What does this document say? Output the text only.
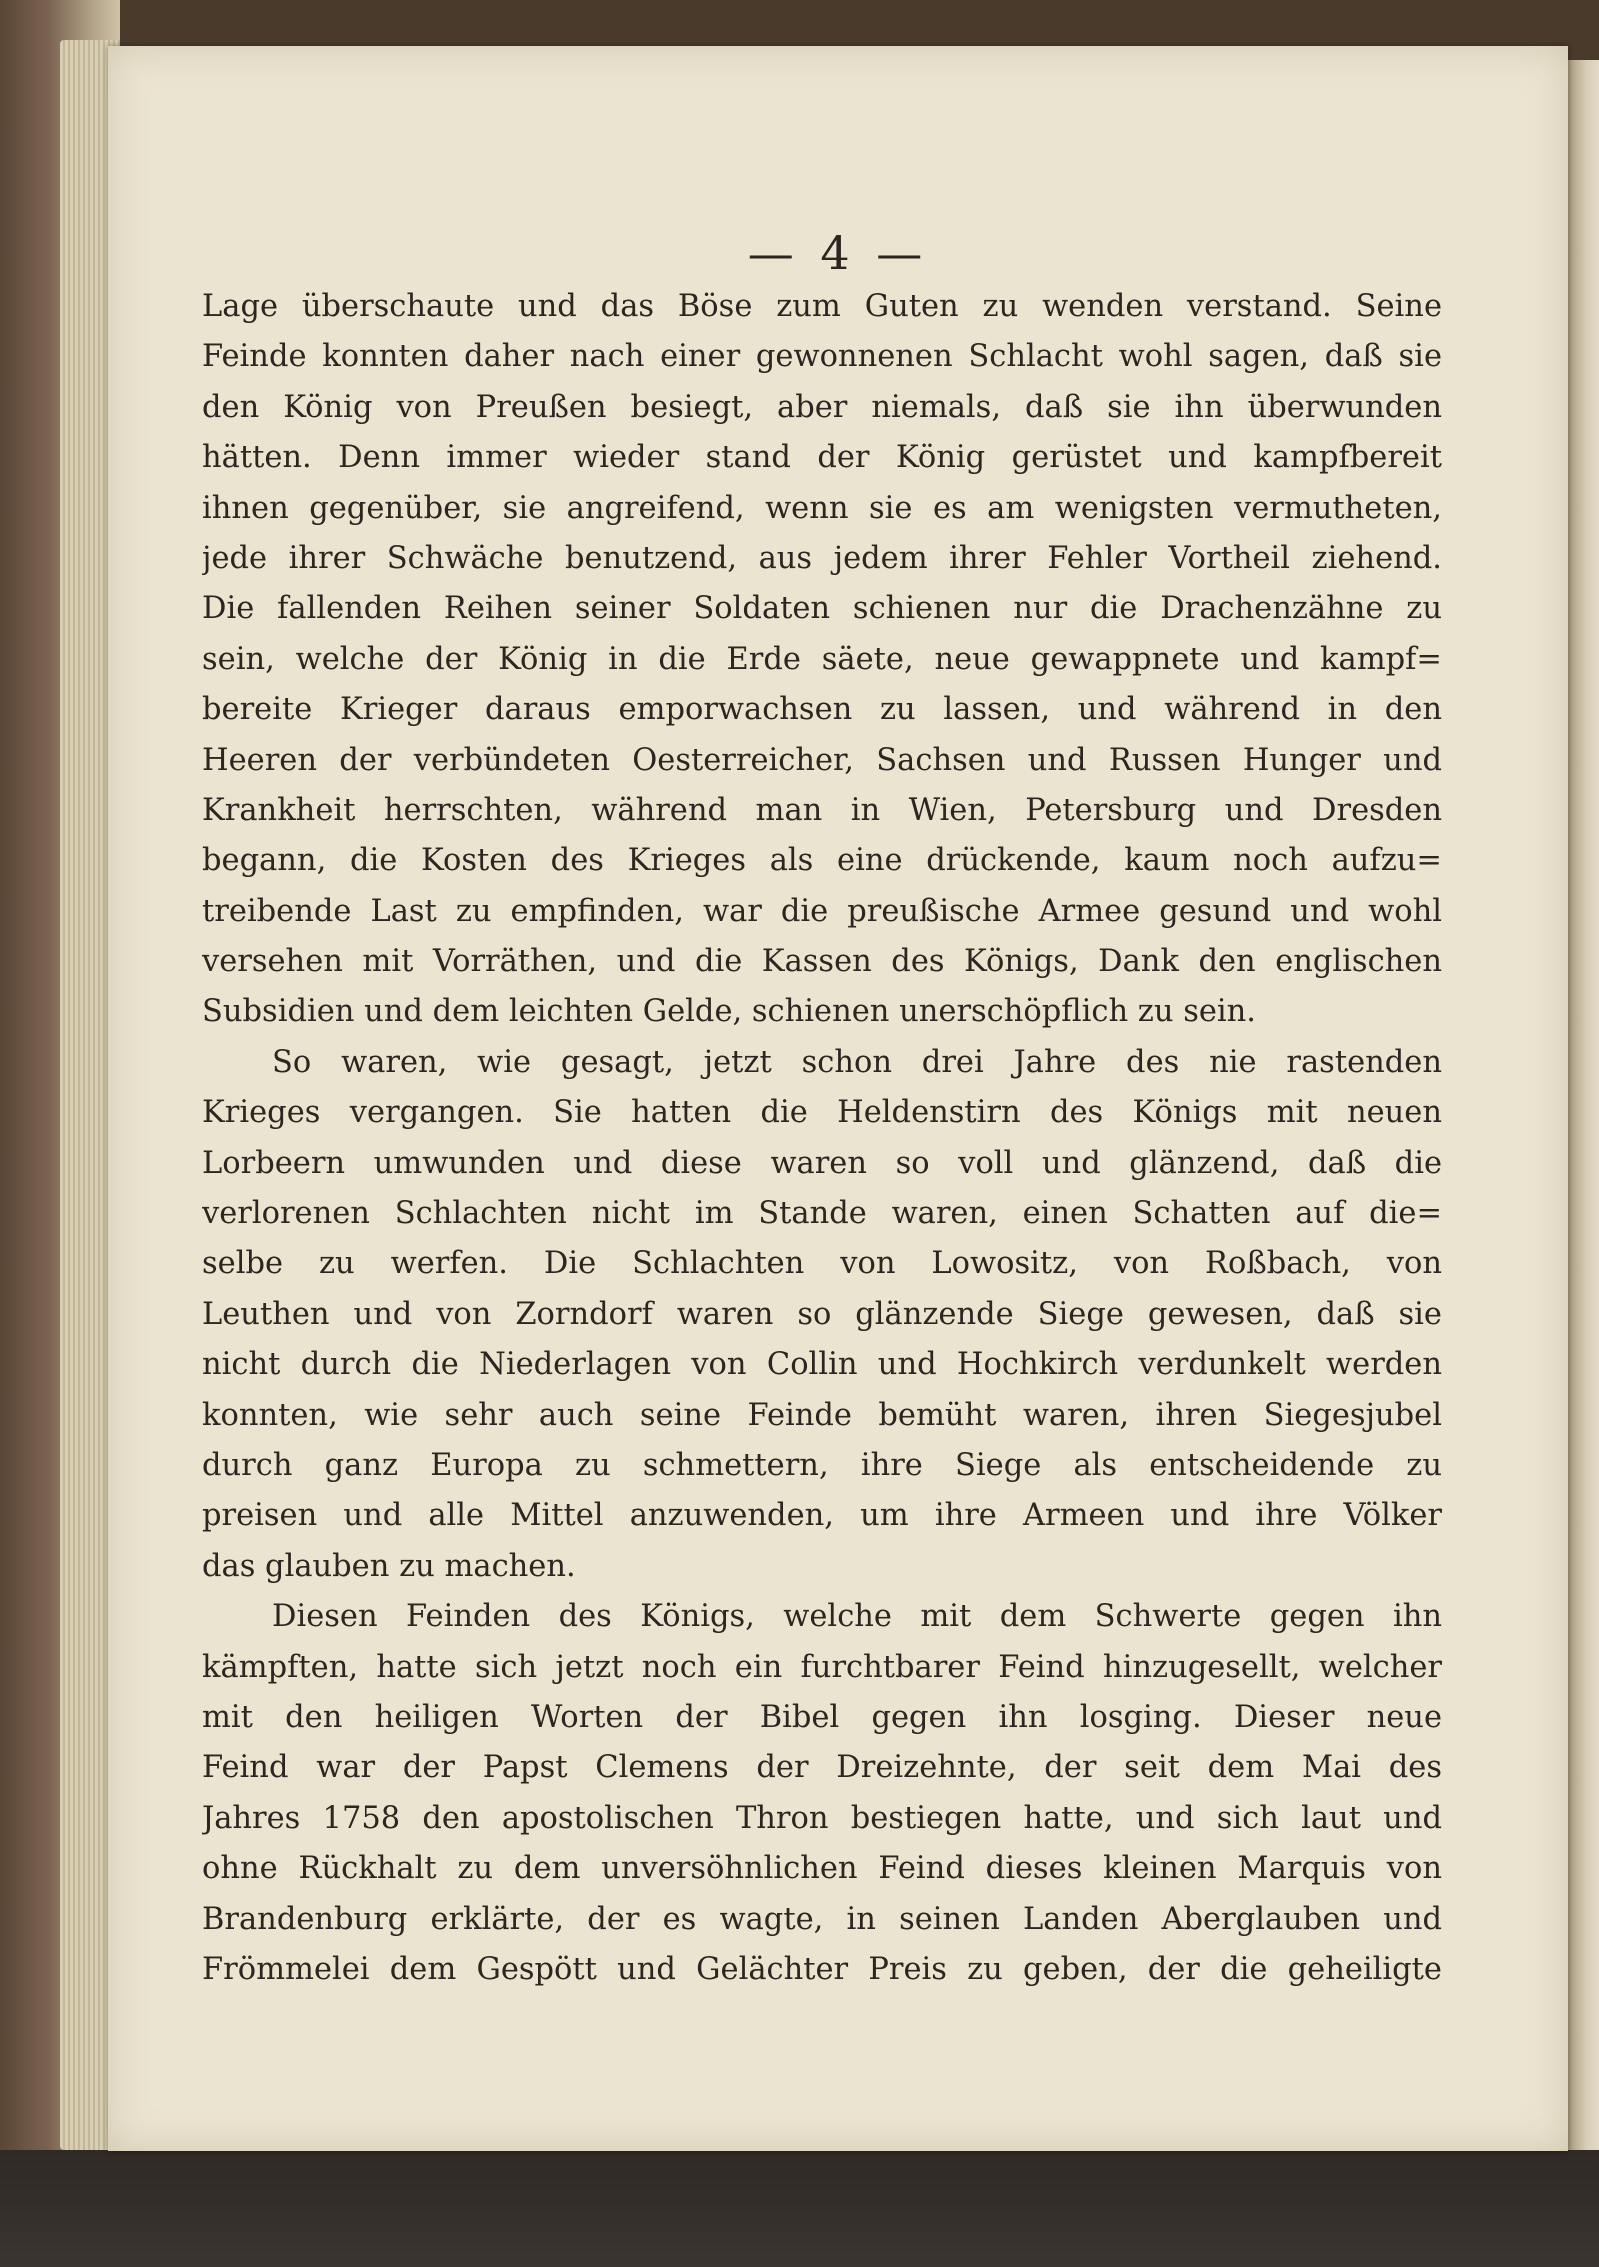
— 4 —
Lage überschaute und das Böse zum Guten zu wenden verstand. Seine
Feinde konnten daher nach einer gewonnenen Schlacht wohl sagen, daß sie
den König von Preußen besiegt, aber niemals, daß sie ihn überwunden
hätten. Denn immer wieder stand der König gerüstet und kampfbereit
ihnen gegenüber, sie angreifend, wenn sie es am wenigsten vermutheten,
jede ihrer Schwäche benutzend, aus jedem ihrer Fehler Vortheil ziehend.
Die fallenden Reihen seiner Soldaten schienen nur die Drachenzähne zu
sein, welche der König in die Erde säete, neue gewappnete und kampf=
bereite Krieger daraus emporwachsen zu lassen, und während in den
Heeren der verbündeten Oesterreicher, Sachsen und Russen Hunger und
Krankheit herrschten, während man in Wien, Petersburg und Dresden
begann, die Kosten des Krieges als eine drückende, kaum noch aufzu=
treibende Last zu empfinden, war die preußische Armee gesund und wohl
versehen mit Vorräthen, und die Kassen des Königs, Dank den englischen
Subsidien und dem leichten Gelde, schienen unerschöpflich zu sein.
So waren, wie gesagt, jetzt schon drei Jahre des nie rastenden
Krieges vergangen. Sie hatten die Heldenstirn des Königs mit neuen
Lorbeern umwunden und diese waren so voll und glänzend, daß die
verlorenen Schlachten nicht im Stande waren, einen Schatten auf die=
selbe zu werfen. Die Schlachten von Lowositz, von Roßbach, von
Leuthen und von Zorndorf waren so glänzende Siege gewesen, daß sie
nicht durch die Niederlagen von Collin und Hochkirch verdunkelt werden
konnten, wie sehr auch seine Feinde bemüht waren, ihren Siegesjubel
durch ganz Europa zu schmettern, ihre Siege als entscheidende zu
preisen und alle Mittel anzuwenden, um ihre Armeen und ihre Völker
das glauben zu machen.
Diesen Feinden des Königs, welche mit dem Schwerte gegen ihn
kämpften, hatte sich jetzt noch ein furchtbarer Feind hinzugesellt, welcher
mit den heiligen Worten der Bibel gegen ihn losging. Dieser neue
Feind war der Papst Clemens der Dreizehnte, der seit dem Mai des
Jahres 1758 den apostolischen Thron bestiegen hatte, und sich laut und
ohne Rückhalt zu dem unversöhnlichen Feind dieses kleinen Marquis von
Brandenburg erklärte, der es wagte, in seinen Landen Aberglauben und
Frömmelei dem Gespött und Gelächter Preis zu geben, der die geheiligte
